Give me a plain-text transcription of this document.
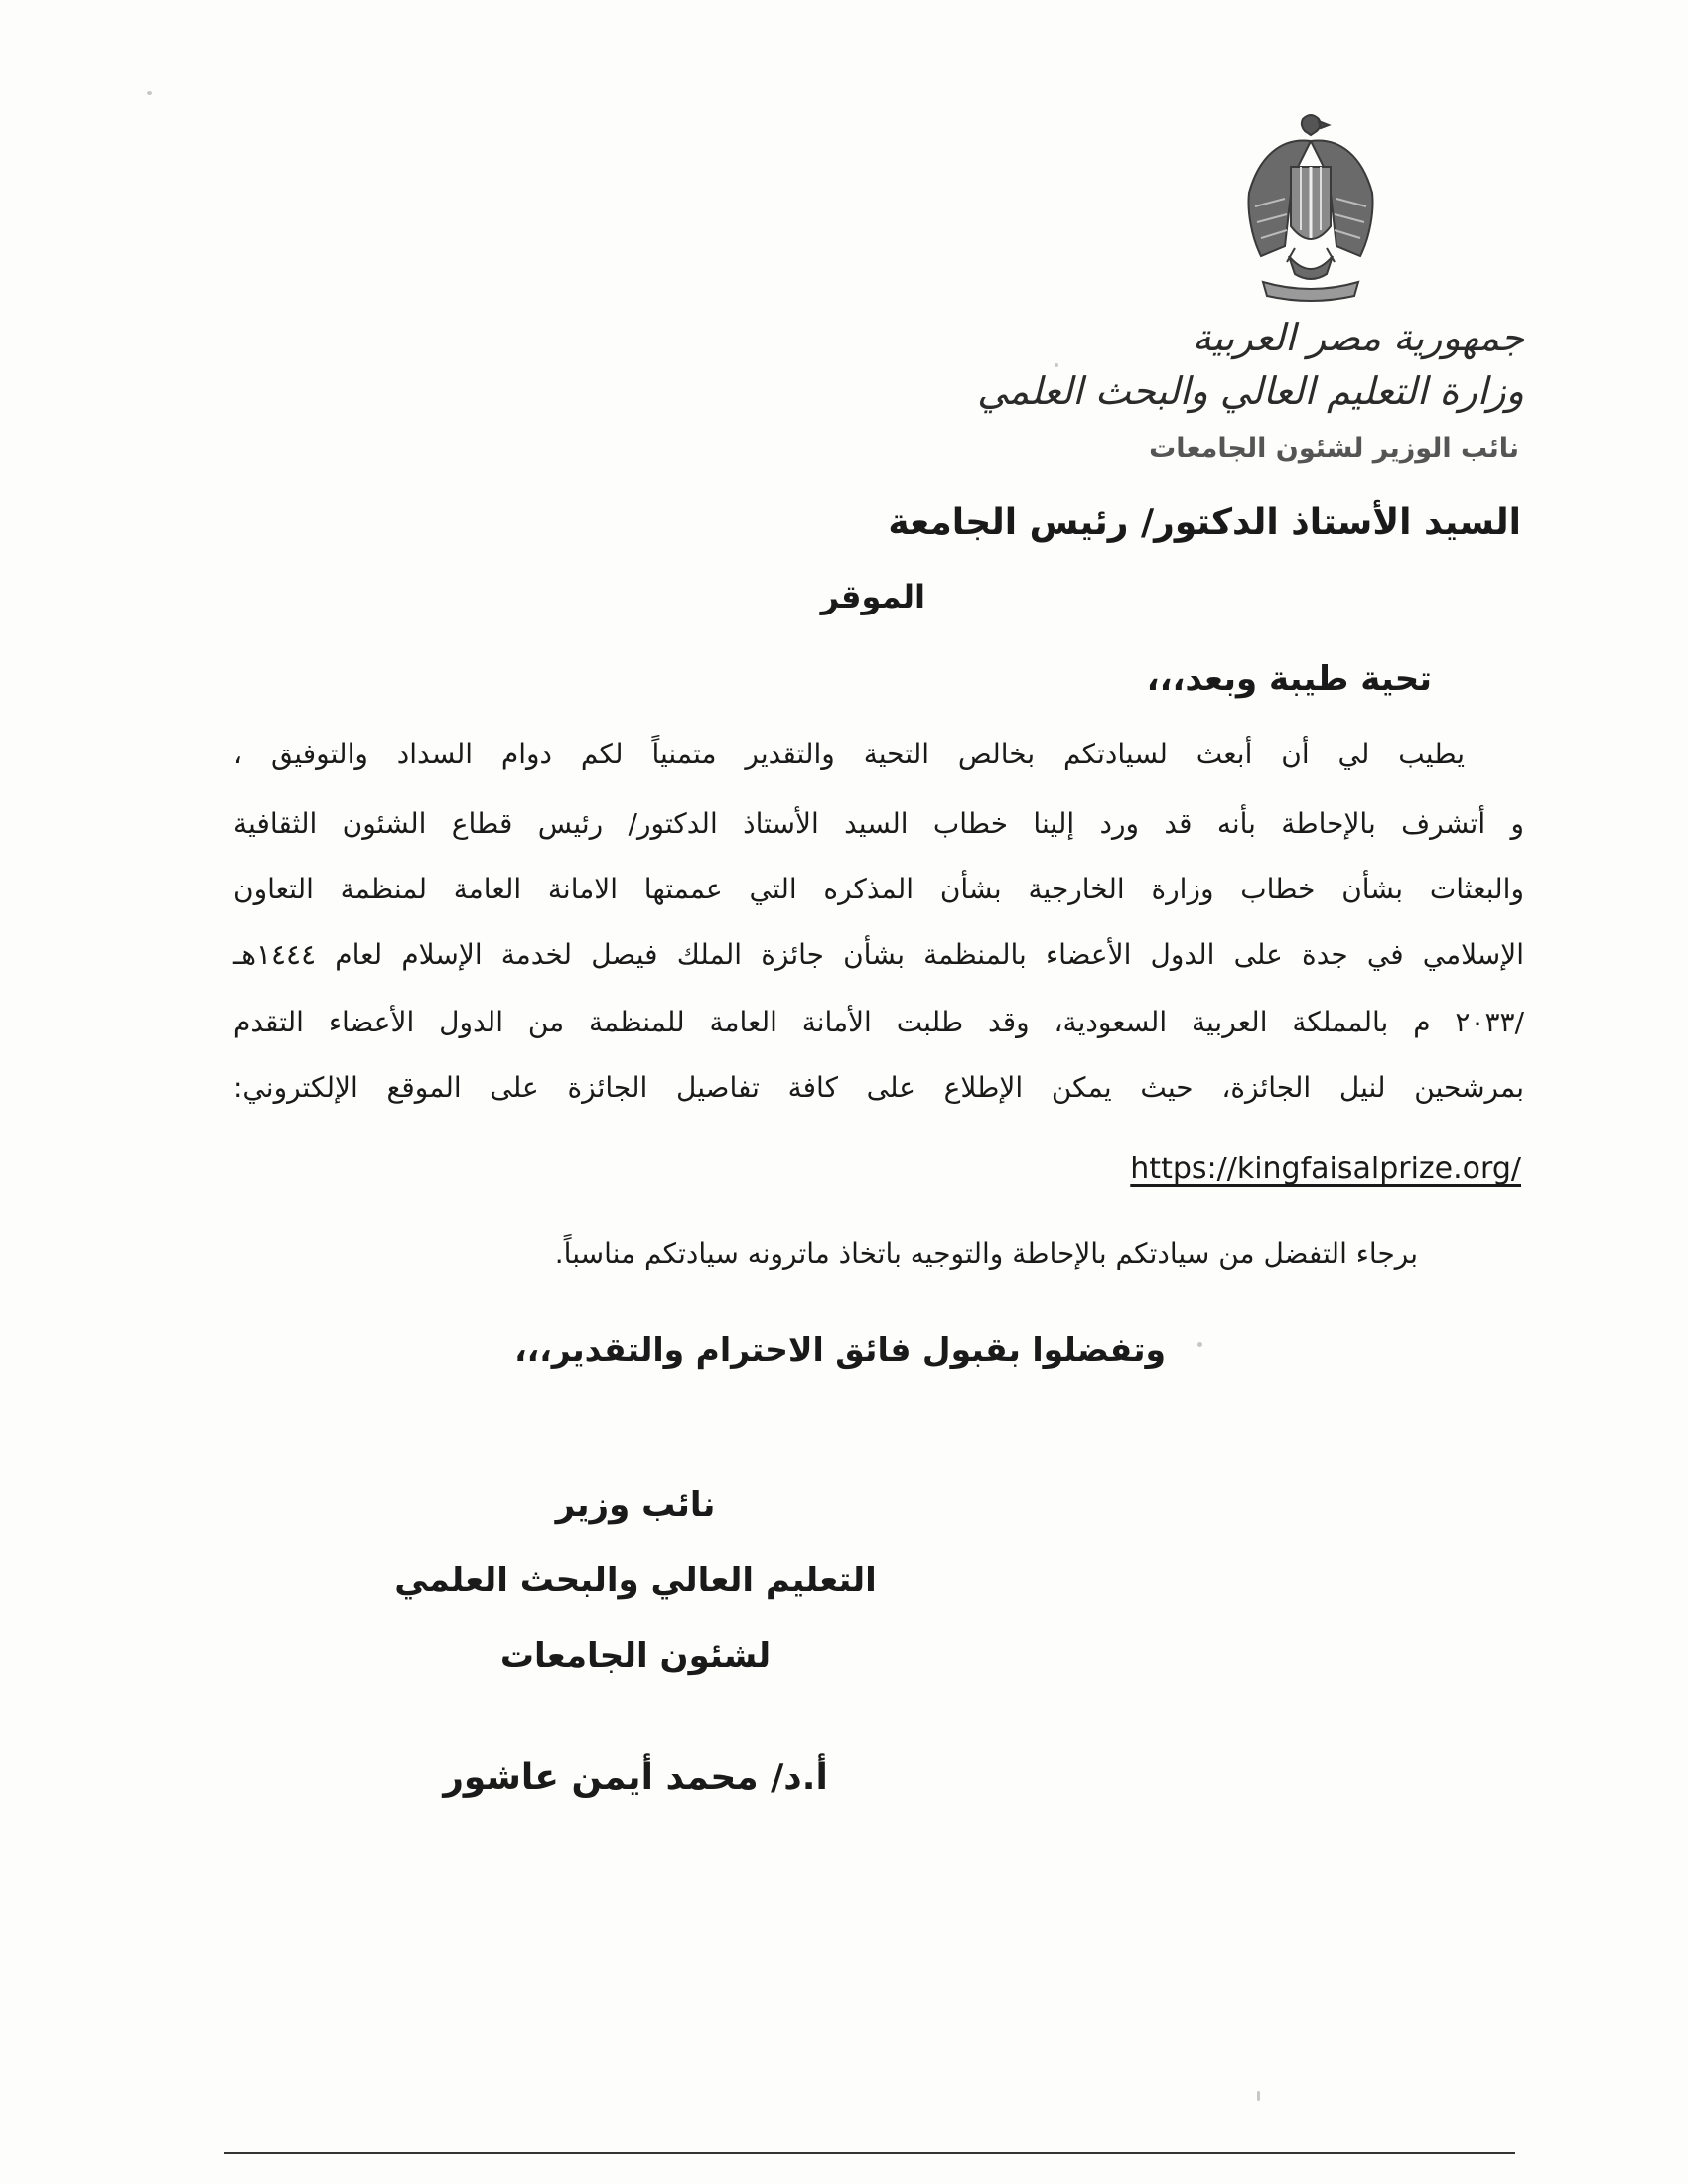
جمهورية مصر العربية
وزارة التعليم العالي والبحث العلمي
نائب الوزير لشئون الجامعات
السيد الأستاذ الدكتور/ رئيس الجامعة
الموقر
تحية طيبة وبعد،،،
يطيب لي أن أبعث لسيادتكم بخالص التحية والتقدير متمنياً لكم دوام السداد والتوفيق ،
و أتشرف بالإحاطة بأنه قد ورد إلينا خطاب السيد الأستاذ الدكتور/ رئيس قطاع الشئون الثقافية
والبعثات بشأن خطاب وزارة الخارجية بشأن المذكره التي عممتها الامانة العامة لمنظمة التعاون
الإسلامي في جدة على الدول الأعضاء بالمنظمة بشأن جائزة الملك فيصل لخدمة الإسلام لعام ١٤٤٤هـ
/٢٠٣٣ م بالمملكة العربية السعودية، وقد طلبت الأمانة العامة للمنظمة من الدول الأعضاء التقدم
بمرشحين لنيل الجائزة، حيث يمكن الإطلاع على كافة تفاصيل الجائزة على الموقع الإلكتروني:
https://kingfaisalprize.org/
برجاء التفضل من سيادتكم بالإحاطة والتوجيه باتخاذ ماترونه سيادتكم مناسباً.
وتفضلوا بقبول فائق الاحترام والتقدير،،،
نائب وزير
التعليم العالي والبحث العلمي
لشئون الجامعات
أ.د/ محمد أيمن عاشور
